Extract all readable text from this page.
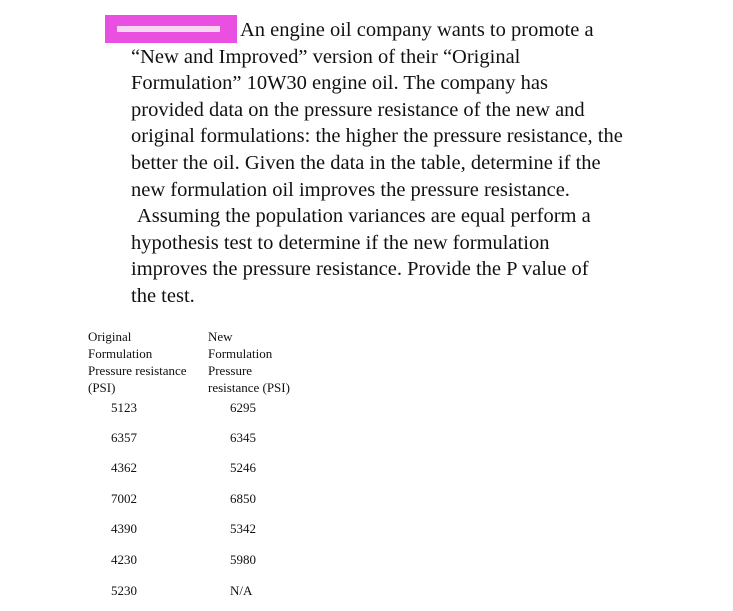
An engine oil company wants to promote a
“New and Improved” version of their “Original
Formulation” 10W30 engine oil. The company has
provided data on the pressure resistance of the new and
original formulations: the higher the pressure resistance, the
better the oil. Given the data in the table, determine if the
new formulation oil improves the pressure resistance.
Assuming the population variances are equal perform a
hypothesis test to determine if the new formulation
improves the pressure resistance. Provide the P value of
the test.
Original
Formulation
Pressure resistance
(PSI)
New
Formulation
Pressure
resistance (PSI)
5123	6295
6357	6345
4362	5246
7002	6850
4390	5342
4230	5980
5230	N/A
